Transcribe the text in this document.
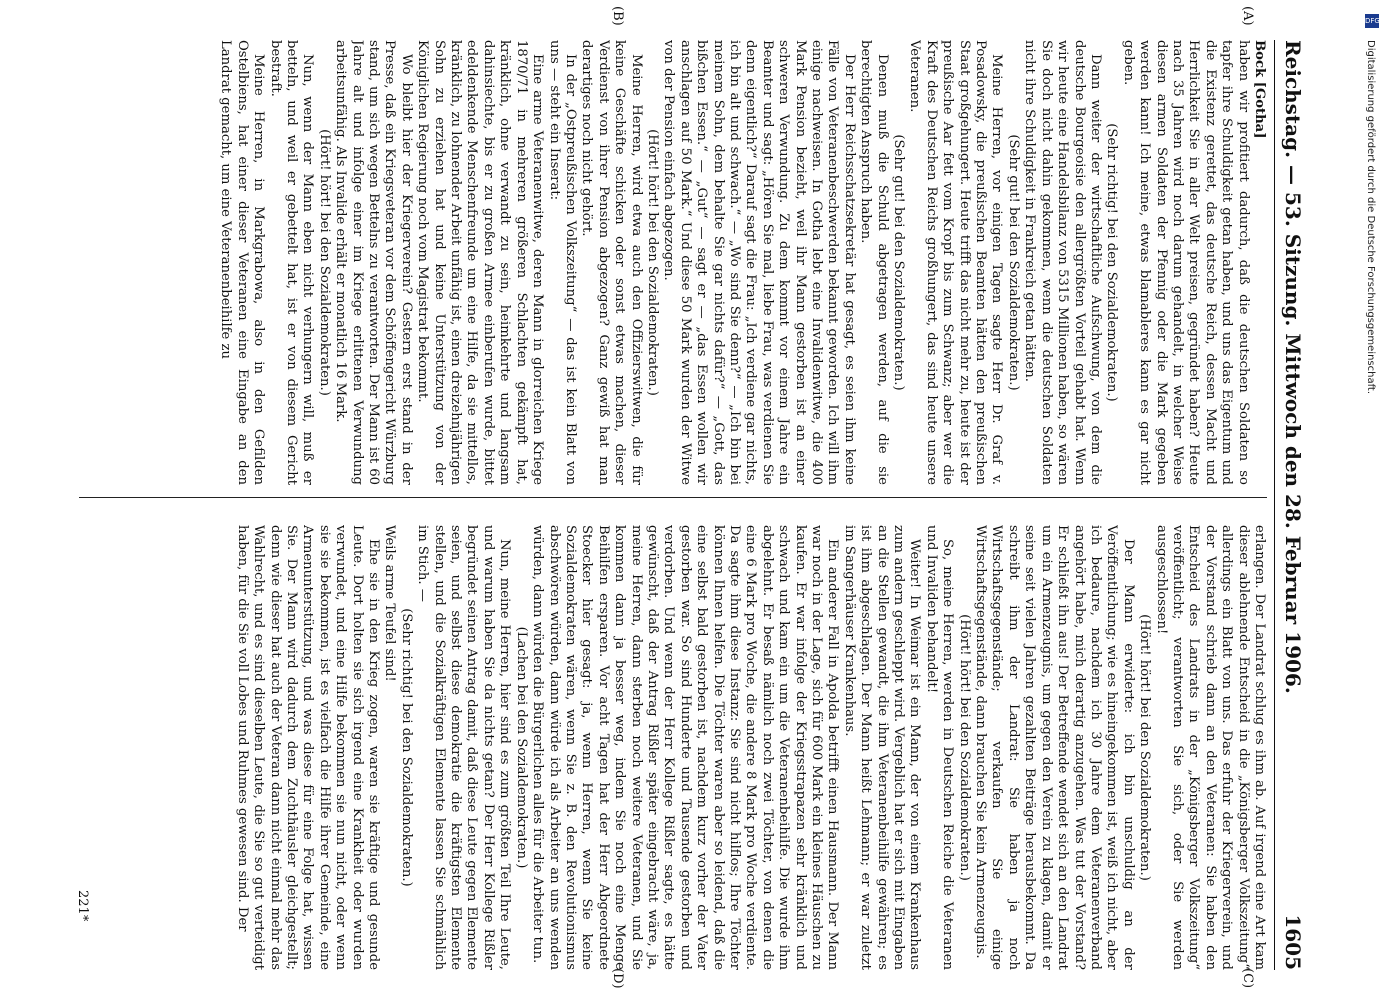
Reichstag. — 53. Sitzung. Mittwoch den 28. Februar 1906.
1605

Bock [Gotha]

haben wir profitiert dadurch, daß die deutschen Soldaten so tapfer ihre Schuldigkeit getan haben, und uns das Eigentum und die Existenz gerettet, das deutsche Reich, dessen Macht und Herrlichkeit Sie in aller Welt preisen, gegründet haben? Heute nach 35 Jahren wird noch darum gehandelt, in welcher Weise diesen armen Soldaten der Pfennig oder die Mark gegeben werden kann! Ich meine, etwas blamableres kann es gar nicht geben.

(Sehr richtig! bei den Sozialdemokraten.)

Dann weiter der wirtschaftliche Aufschwung, von dem die deutsche Bourgeoisie den allergrößten Vorteil gehabt hat. Wenn wir heute eine Handelsbilanz von 5315 Millionen haben, so wären Sie doch nicht dahin gekommen, wenn die deutschen Soldaten nicht ihre Schuldigkeit in Frankreich getan hätten.

(Sehr gut! bei den Sozialdemokraten.)

Meine Herren, vor einigen Tagen sagte Herr Dr. Graf v. Posadowsky, die preußischen Beamten hätten den preußischen Staat großgehungert. Heute trifft das nicht mehr zu, heute ist der preußische Aar fett vom Kropf bis zum Schwanz; aber wer die Kraft des Deutschen Reichs großhungert, das sind heute unsere Veteranen.

(Sehr gut! bei den Sozialdemokraten.)

Denen muß die Schuld abgetragen werden, auf die sie berechtigten Anspruch haben.

Der Herr Reichsschatzsekretär hat gesagt, es seien ihm keine Fälle von Veteranenbeschwerden bekannt geworden. Ich will ihm einige nachweisen. In Gotha lebt eine Invalidenwitwe, die 400 Mark Pension bezieht, weil ihr Mann gestorben ist an einer schweren Verwundung. Zu dem kommt vor einem Jahre ein Beamter und sagt: „Hören Sie mal, liebe Frau, was verdienen Sie denn eigentlich?“ Darauf sagt die Frau: „Ich verdiene gar nichts, ich bin alt und schwach.“ — „Wo sind Sie denn?“ — „Ich bin bei meinem Sohn, dem behalte Sie gar nichts dafür?“ — „Gott, das bißchen Essen.“ — „Gut“ — sagt er — „das Essen wollen wir anschlagen auf 50 Mark.“ Und diese 50 Mark wurden der Witwe von der Pension einfach abgezogen.

(Hört! hört! bei den Sozialdemokraten.)

Meine Herren, wird etwa auch den Offizierswitwen, die für keine Geschäfte schicken oder sonst etwas machen, dieser Verdienst von ihrer Pension abgezogen? Ganz gewiß hat man derartiges noch nicht gehört.

In der „Ostpreußischen Volkszeitung“ — das ist kein Blatt von uns — steht ein Inserat:

Eine arme Veteranenwitwe, deren Mann in glorreichen Kriege 1870/71 in mehreren größeren Schlachten gekämpft hat, kränklich, ohne verwandt zu sein, heimkehrte und langsam dahinsiechte, bis er zu großen Armee einberufen wurde, bittet edeldenkende Menschenfreunde um eine Hilfe, da sie mittellos, kränklich, zu lohnender Arbeit unfähig ist, einen dreizehnjährigen Sohn zu erziehen hat und keine Unterstützung von der Königlichen Regierung noch vom Magistrat bekommt.

Wo bleibt hier der Kriegerverein? Gestern erst stand in der Presse, daß ein Kriegsveteran vor dem Schöffengericht Würzburg stand, um sich wegen Bettelns zu verantworten. Der Mann ist 60 Jahre alt und infolge einer im Kriege erlittenen Verwundung arbeitsunfähig. Als Invalide erhält er monatlich 16 Mark.

(Hört! hört! bei den Sozialdemokraten.)

Nun, wenn der Mann eben nicht verhungern will, muß er betteln, und weil er gebettelt hat, ist er von diesem Gericht bestraft.

Meine Herren, in Markgrabowa, also in den Gefilden Ostelbiens, hat einer dieser Veteranen eine Eingabe an den Landrat gemacht, um eine Veteranenbeihilfe zu

erlangen. Der Landrat schlug es ihm ab. Auf irgend eine Art kam dieser ablehnende Entscheid in die „Königsberger Volkszeitung“ allerdings ein Blatt von uns. Das erfuhr der Kriegerverein, und der Vorstand schrieb dann an den Veteranen: Sie haben den Entscheid des Landrats in der „Königsberger Volkszeitung“ veröffentlicht; verantworten Sie sich, oder Sie werden ausgeschlossen!

(Hört! hört! bei den Sozialdemokraten.)

Der Mann erwiderte: ich bin unschuldig an der Veröffentlichung; wie es hineingekommen ist, weiß ich nicht, aber ich bedaure, nachdem ich 30 Jahre dem Veteranenverband angehört habe, mich derartig anzugehen. Was tut der Vorstand? Er schließt ihn aus! Der Betreffende wendet sich an den Landrat um ein Armenzeugnis, um gegen den Verein zu klagen, damit er seine seit vielen Jahren gezahlten Beiträge herausbekommt. Da schreibt ihm der Landrat: Sie haben ja noch Wirtschaftsgegenstände; verkaufen Sie einige Wirtschaftsgegenstände, dann brauchen Sie kein Armenzeugnis.

(Hört! hört! bei den Sozialdemokraten.)

So, meine Herren, werden in Deutschen Reiche die Veteranen und Invaliden behandelt!

Weiter! In Weimar ist ein Mann, der von einem Krankenhaus zum andern geschleppt wird. Vergeblich hat er sich mit Eingaben an die Stellen gewandt, die ihm Veteranenbeihilfe gewähren; es ist ihm abgeschlagen. Der Mann heißt Lehmann; er war zuletzt im Sangerhäuser Krankenhaus.

Ein anderer Fall in Apolda betrifft einen Hausmann. Der Mann war noch in der Lage, sich für 600 Mark ein kleines Häuschen zu kaufen. Er war infolge der Kriegsstrapazen sehr kränklich und schwach und kam ein um die Veteranenbeihilfe. Die wurde ihm abgelehnt. Er besaß nämlich noch zwei Töchter, von denen die eine 6 Mark pro Woche, die andere 8 Mark pro Woche verdiente. Da sagte ihm diese Instanz: Sie sind nicht hilflos; Ihre Töchter können Ihnen helfen. Die Töchter waren aber so leidend, daß die eine selbst bald gestorben ist, nachdem kurz vorher der Vater gestorben war. So sind Hunderte und Tausende gestorben und verdorben. Und wenn der Herr Kollege Rißler sagte, es hätte gewünscht, daß der Antrag Rißler später eingebracht wäre, ja, meine Herren, dann sterben noch weitere Veteranen, und Sie kommen dann ja besser weg, indem Sie noch eine Menge Beihilfen ersparen. Vor acht Tagen hat der Herr Abgeordnete Stoecker hier gesagt: ja, wenn Herren, wenn Sie keine Sozialdemokraten wären, wenn Sie z. B. den Revolutionismus abschwören würden, dann würde ich als Arbeiter an uns wenden würden, dann würden die Bürgerlichen alles für die Arbeiter tun.

(Lachen bei den Sozialdemokraten.)

Nun, meine Herren, hier sind es zum größten Teil Ihre Leute, und warum haben Sie da nichts getan? Der Herr Kollege Rißler begründet seinen Antrag damit, daß diese Leute gegen Elemente seien, und selbst diese demokratie die kräftigsten Elemente stellen, und die Sozialkräftigen Elemente lassen Sie schmählich im Stich. —

(Sehr richtig! bei den Sozialdemokraten.)

Weils arme Teufel sind!

Ehe sie in den Krieg zogen, waren sie kräftige und gesunde Leute. Dort holten sie sich irgend eine Krankheit oder wurden verwundet, und eine Hilfe bekommen sie nun nicht, oder wenn sie sie bekommen, ist es vielfach die Hilfe ihrer Gemeinde, eine Armenunterstützung, und was diese für eine Folge hat, wissen Sie. Der Mann wird dadurch dem Zuchthäusler gleichgestellt; denn wie dieser hat auch der Veteran dann nicht einmal mehr das Wahlrecht, und es sind dieselben Leute, die Sie so gut verteidigt haben, für die Sie voll Lobes und Ruhmes gewesen sind. Der

(A)
(B)
(C)
(D)
221*
DFG
Digitalisierung gefördert durch die Deutsche Forschungsgemeinschaft.
